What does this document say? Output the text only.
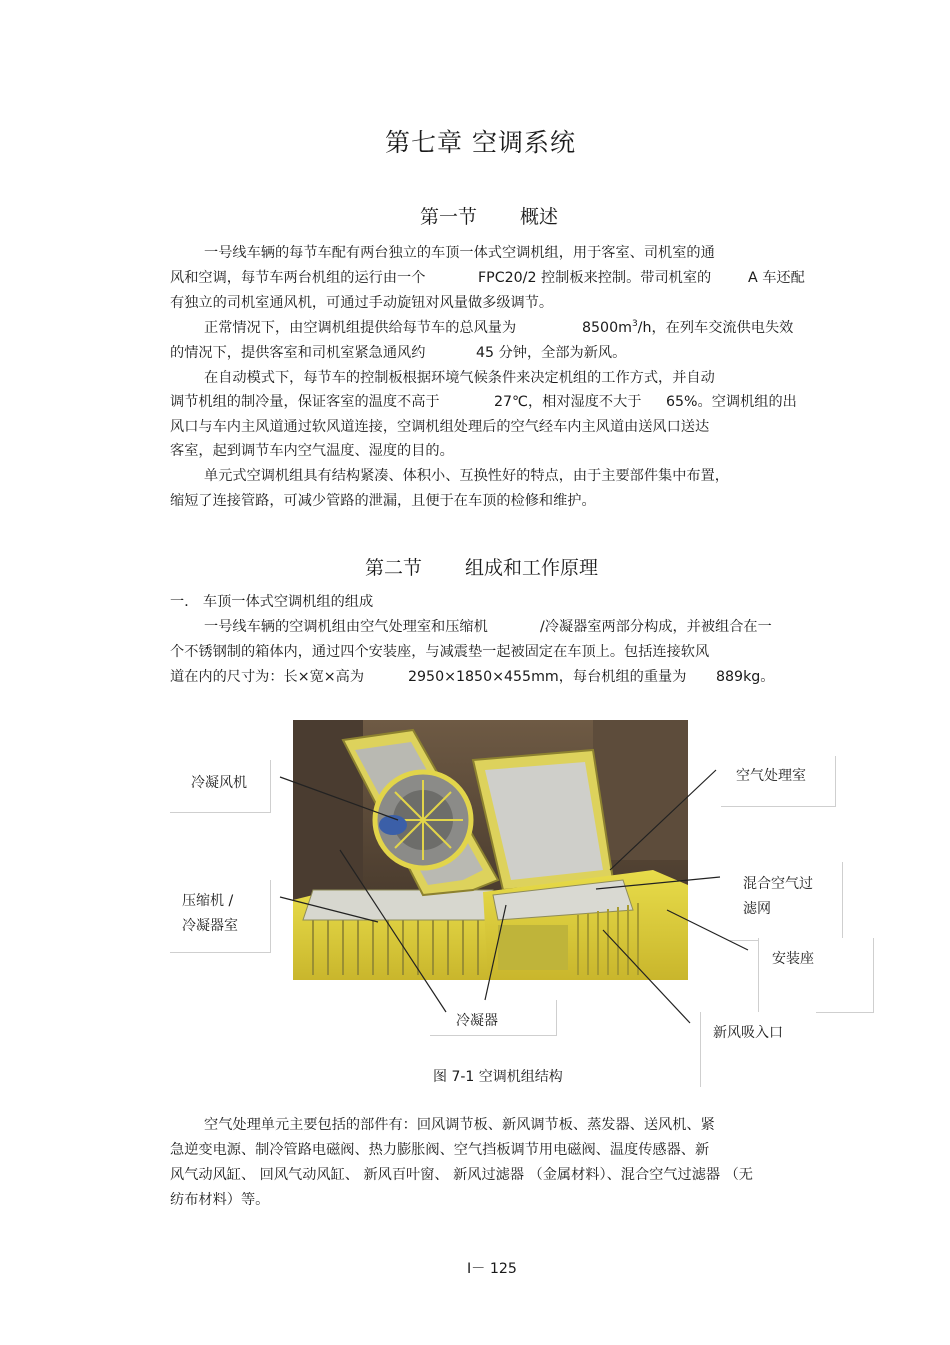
第七章 空调系统
第一节 概述
一号线车辆的每节车配有两台独立的车顶一体式空调机组，用于客室、司机室的通
风和空调，每节车两台机组的运行由一个	FPC20/2 控制板来控制。带司机室的	A 车还配
有独立的司机室通风机，可通过手动旋钮对风量做多级调节。
正常情况下，由空调机组提供给每节车的总风量为	$8500m^3/h$，在列车交流供电失效
的情况下，提供客室和司机室紧急通风约	45 分钟，全部为新风。
在自动模式下，每节车的控制板根据环境气候条件来决定机组的工作方式，并自动
调节机组的制冷量，保证客室的温度不高于	27℃，相对湿度不大于 65%。空调机组的出
风口与车内主风道通过软风道连接，空调机组处理后的空气经车内主风道由送风口送达
客室，起到调节车内空气温度、湿度的目的。
单元式空调机组具有结构紧凑、体积小、互换性好的特点，由于主要部件集中布置，
缩短了连接管路，可减少管路的泄漏，且便于在车顶的检修和维护。
第二节 组成和工作原理
一． 车顶一体式空调机组的组成
一号线车辆的空调机组由空气处理室和压缩机	/冷凝器室两部分构成，并被组合在一
个不锈钢制的箱体内，通过四个安装座，与减震垫一起被固定在车顶上。包括连接软风
道在内的尺寸为：长×宽×高为	2950×1850×455mm，每台机组的重量为 889kg。
冷凝风机
压缩机 /
冷凝器室
冷凝器
空气处理室
混合空气过
滤网
安装座
新风吸入口
图 7-1 空调机组结构
空气处理单元主要包括的部件有：回风调节板、新风调节板、蒸发器、送风机、紧
急逆变电源、制冷管路电磁阀、热力膨胀阀、空气挡板调节用电磁阀、温度传感器、新
风气动风缸、 回风气动风缸、 新风百叶窗、 新风过滤器 （金属材料）、混合空气过滤器 （无
纺布材料）等。
I－ 125
